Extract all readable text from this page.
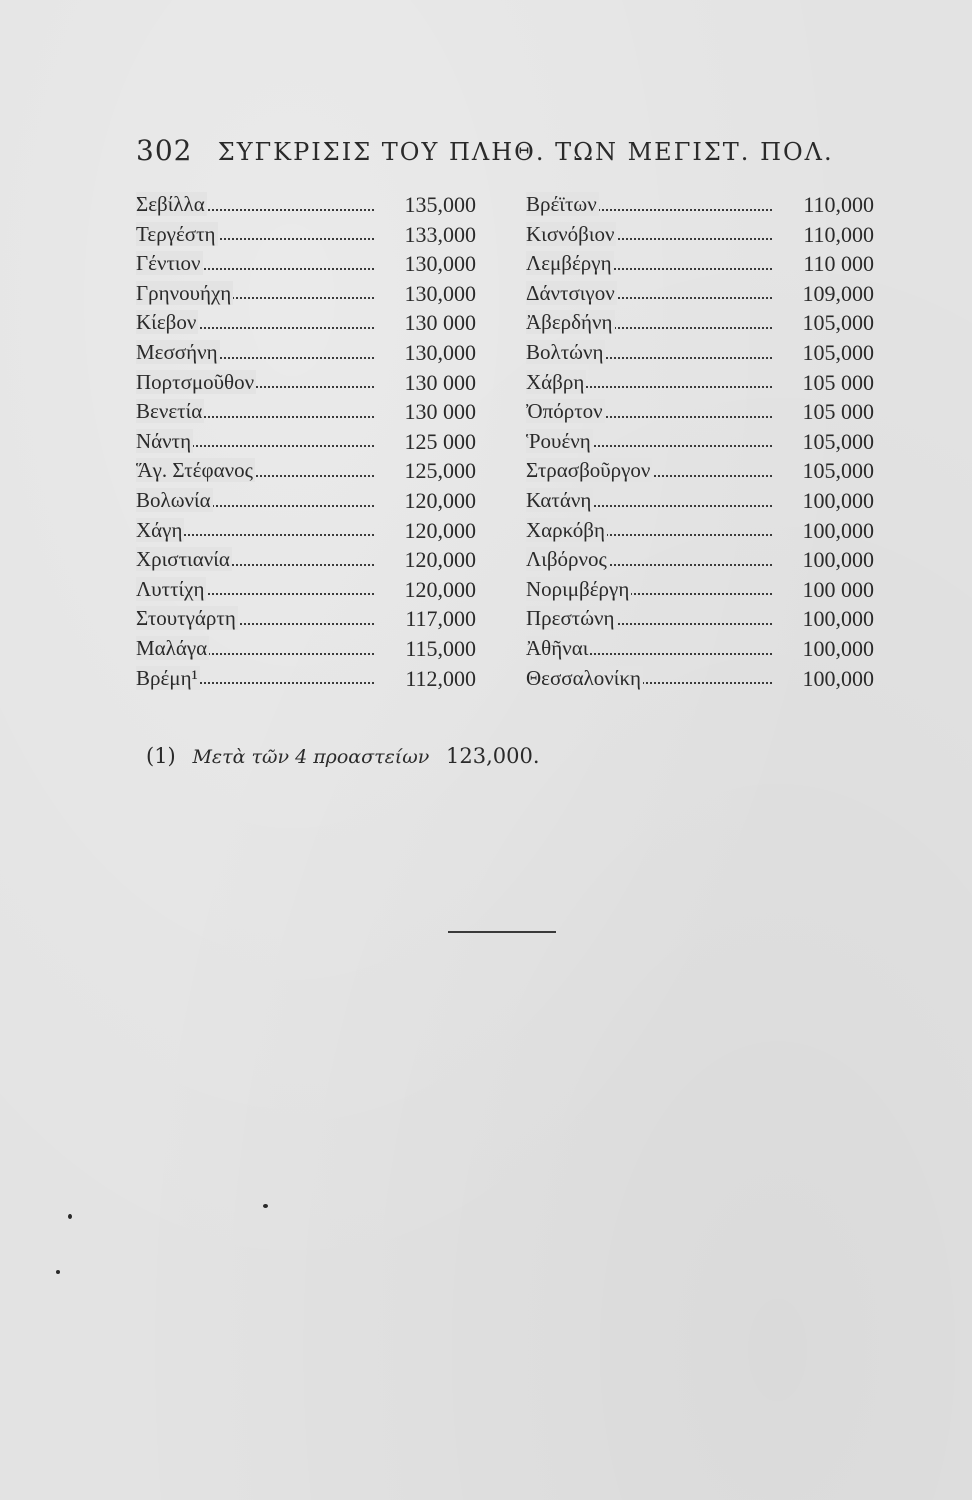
302 ΣΥΓΚΡΙΣΙΣ ΤΟΥ ΠΛΗΘ. ΤΩΝ ΜΕΓΙΣΤ. ΠΟΛ.
Σεβίλλα	135,000
Τεργέστη	133,000
Γέντιον	130,000
Γρηνουήχη	130,000
Κίεβον	130 000
Μεσσήνη	130,000
Πορτσμοῦθον	130 000
Βενετία	130 000
Νάντη	125 000
Ἅγ. Στέφανος	125,000
Βολωνία	120,000
Χάγη	120,000
Χριστιανία	120,000
Λυττίχη	120,000
Στουτγάρτη	117,000
Μαλάγα	115,000
Βρέμη¹	112,000
Βρέϊτων	110,000
Κισνόβιον	110,000
Λεμβέργη	110 000
Δάντσιγον	109,000
Ἀβερδήνη	105,000
Βολτώνη	105,000
Χάβρη	105 000
Ὀπόρτον	105 000
Ῥουένη	105,000
Στρασβοῦργον	105,000
Κατάνη	100,000
Χαρκόβη	100,000
Λιβόρνος	100,000
Νοριμβέργη	100 000
Πρεστώνη	100,000
Ἀθῆναι	100,000
Θεσσαλονίκη	100,000
(1) Μετὰ τῶν 4 προαστείων 123,000.
